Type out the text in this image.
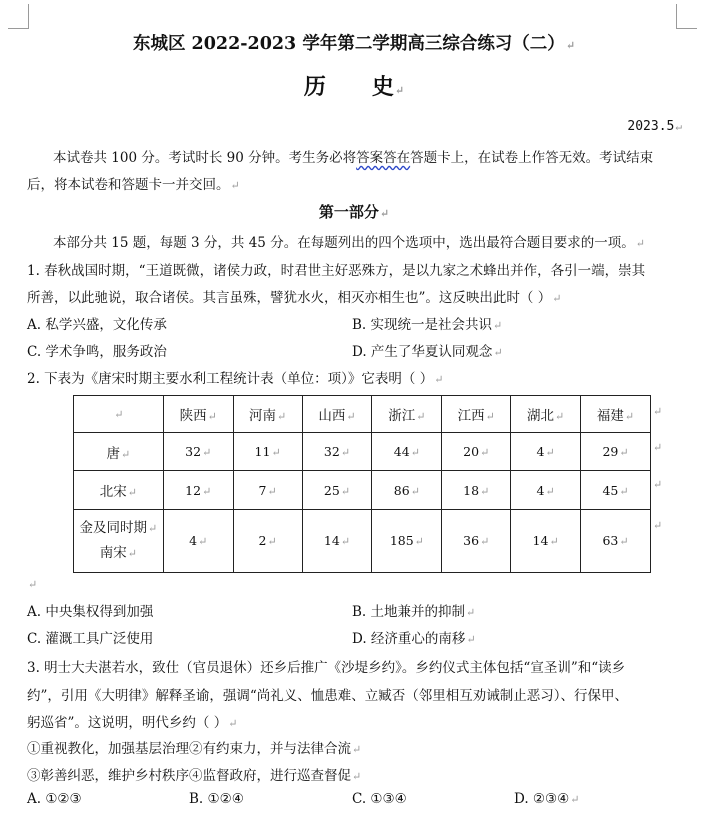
东城区 2022-2023 学年第二学期高三综合练习（二）↵
历 史↵
2023.5↵
本试卷共 100 分。考试时长 90 分钟。考生务必将答案答在答题卡上，在试卷上作答无效。考试结束
后，将本试卷和答题卡一并交回。↵
第一部分↵
本部分共 15 题，每题 3 分，共 45 分。在每题列出的四个选项中，选出最符合题目要求的一项。↵
1. 春秋战国时期，“王道既微，诸侯力政，时君世主好恶殊方，是以九家之术蜂出并作，各引一端，崇其
所善，以此驰说，取合诸侯。其言虽殊，譬犹水火，相灭亦相生也”。这反映出此时（ ）↵
A. 私学兴盛，文化传承	B. 实现统一是社会共识↵
C. 学术争鸣，服务政治	D. 产生了华夏认同观念↵
2. 下表为《唐宋时期主要水利工程统计表（单位：项）》它表明（ ）↵
↵	陕西↵	河南↵	山西↵	浙江↵	江西↵	湖北↵	福建↵
唐↵	32↵	11↵	32↵	44↵	20↵	4↵	29↵
北宋↵	12↵	7↵	25↵	86↵	18↵	4↵	45↵
金及同时期↵
南宋↵	4↵	2↵	14↵	185↵	36↵	14↵	63↵
↵
↵
↵
↵
↵
A. 中央集权得到加强	B. 土地兼并的抑制↵
C. 灌溉工具广泛使用	D. 经济重心的南移↵
3. 明士大夫湛若水，致仕（官员退休）还乡后推广《沙堤乡约》。乡约仪式主体包括“宣圣训”和“读乡
约”，引用《大明律》解释圣谕，强调“尚礼义、恤患难、立臧否（邻里相互劝诫制止恶习）、行保甲、
躬巡省”。这说明，明代乡约（ ）↵
①重视教化，加强基层治理②有约束力，并与法律合流↵
③彰善纠恶，维护乡村秩序④监督政府，进行巡查督促↵
A. ①②③	B. ①②④	C. ①③④	D. ②③④↵
